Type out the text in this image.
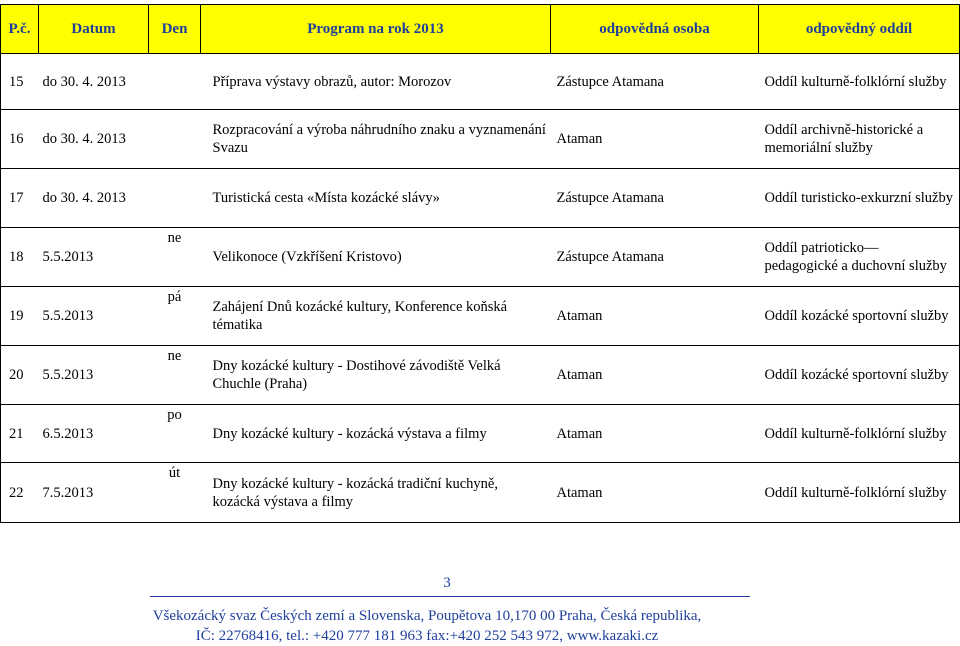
P.č.	Datum	Den	Program na rok 2013	odpovědná osoba	odpovědný oddíl
15	do 30. 4. 2013		Příprava výstavy obrazů, autor: Morozov	Zástupce Atamana	Oddíl kulturně-folklórní služby
16	do 30. 4. 2013		Rozpracování a výroba náhrudního znaku a vyznamenání Svazu	Ataman	Oddíl archivně-historické a memoriální služby
17	do 30. 4. 2013		Turistická cesta «Místa kozácké slávy»	Zástupce Atamana	Oddíl turisticko-exkurzní služby
18	5.5.2013	ne	Velikonoce (Vzkříšení Kristovo)	Zástupce Atamana	Oddíl patrioticko— pedagogické a duchovní služby
19	5.5.2013	pá	Zahájení Dnů kozácké kultury, Konference koňská tématika	Ataman	Oddíl kozácké sportovní služby
20	5.5.2013	ne	Dny kozácké kultury - Dostihové závodiště Velká Chuchle (Praha)	Ataman	Oddíl kozácké sportovní služby
21	6.5.2013	po	Dny kozácké kultury - kozácká výstava a filmy	Ataman	Oddíl kulturně-folklórní služby
22	7.5.2013	út	Dny kozácké kultury - kozácká tradiční kuchyně, kozácká výstava a filmy	Ataman	Oddíl kulturně-folklórní služby
3
Všekozácký svaz Českých zemí a Slovenska, Poupětova 10,170 00 Praha, Česká republika,
IČ: 22768416, tel.: +420 777 181 963 fax:+420 252 543 972, www.kazaki.cz
